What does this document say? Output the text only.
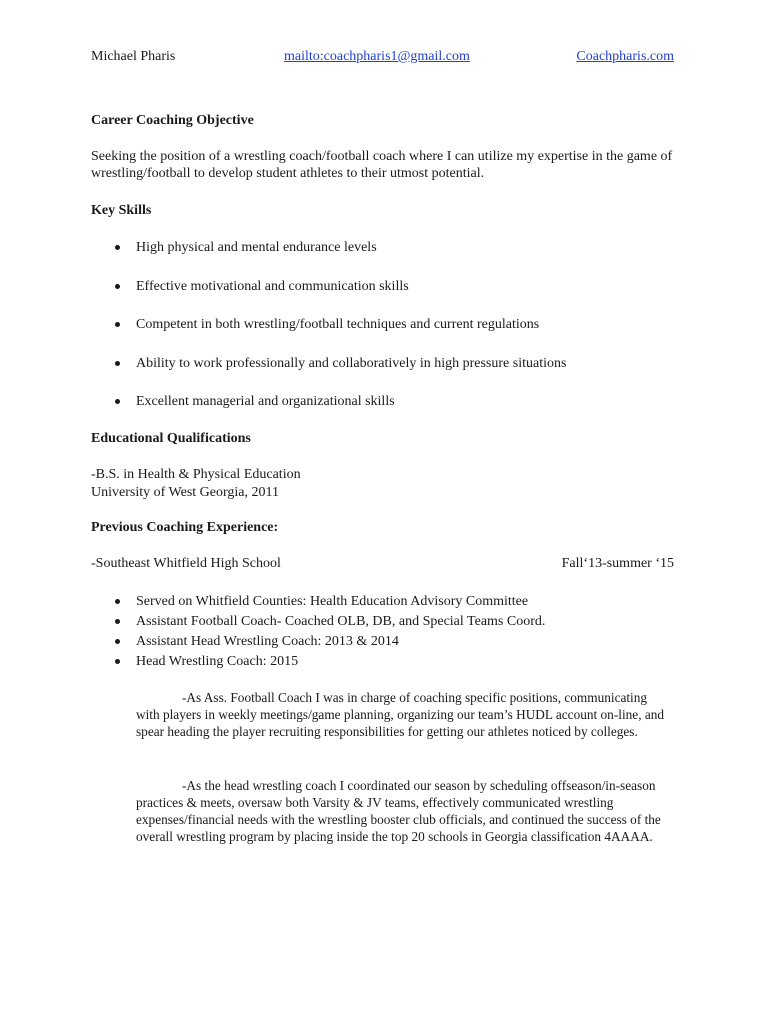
Michael Pharis	mailto:coachpharis1@gmail.com	Coachpharis.com
Career Coaching Objective
Seeking the position of a wrestling coach/football coach where I can utilize my expertise in the game of wrestling/football to develop student athletes to their utmost potential.
Key Skills
High physical and mental endurance levels
Effective motivational and communication skills
Competent in both wrestling/football techniques and current regulations
Ability to work professionally and collaboratively in high pressure situations
Excellent managerial and organizational skills
Educational Qualifications
-B.S. in Health & Physical Education
University of West Georgia, 2011
Previous Coaching Experience:
-Southeast Whitfield High School	Fall‘13-summer ‘15
Served on Whitfield Counties: Health Education Advisory Committee
Assistant Football Coach- Coached OLB, DB, and Special Teams Coord.
Assistant Head Wrestling Coach: 2013 & 2014
Head Wrestling Coach: 2015
-As Ass. Football Coach I was in charge of coaching specific positions, communicating with players in weekly meetings/game planning, organizing our team’s HUDL account on-line, and spear heading the player recruiting responsibilities for getting our athletes noticed by colleges.
-As the head wrestling coach I coordinated our season by scheduling offseason/in-season practices & meets, oversaw both Varsity & JV teams, effectively communicated wrestling expenses/financial needs with the wrestling booster club officials, and continued the success of the overall wrestling program by placing inside the top 20 schools in Georgia classification 4AAAA.
